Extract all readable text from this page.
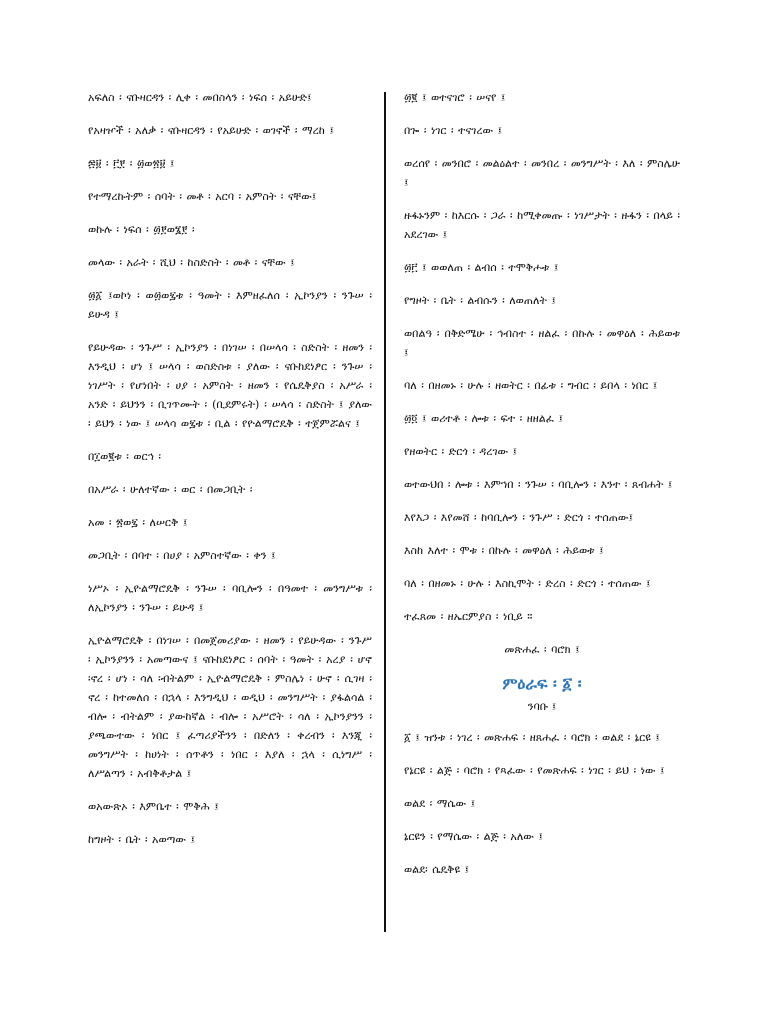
አፍለስ ፡ ናቡዛርዳን ፡ ሊቀ ፡ መበስላን ፡ ነፍሰ ፡ አይሁድ፤

የአዛዦች ፡ አለቃ ፡ ናቡዛርዳን ፡ የአይሁድ ፡ ወገኖች ፡ ማረከ ፤

፷፱ ፡ ፫፻ ፡ ፴ወ፳፱ ፤

የተማረኩትም ፡ ሰባት ፡ መቶ ፡ አርባ ፡ አምስት ፡ ናቸው፤

ወኩሉ ፡ ነፍሰ ፡ ፴፻ወ፮፻ ፡

መላው ፡ አራት ፡ ሺህ ፡ ከስድስት ፡ መቶ ፡ ናቸው ፤

፴፩ ፤ወኮነ ፡ ወ፴ወ፯ቱ ፡ ዓመት ፡ እምዘፈለሰ ፡ ኢኮንያን ፡ ንጉሠ ፡ ይሁዳ ፤

የይሁዳው ፡ ንጉሥ ፡ ኢኮንያን ፡ በነገሠ ፡ በሠላሳ ፡ ስድስት ፡ ዘመን ፡ እንዲህ ፡ ሆነ ፤ ሠላሳ ፡ ወስድስቱ ፡ ያለው ፡ ናቡከደነፆር ፡ ንጉሠ ፡ ነገሥት ፡ የሆነበት ፡ ሀያ ፡ አምስት ፡ ዘመን ፡ የሴዴቅያስ ፡ አሥራ ፡ አንድ ፡ ይህንን ፡ ቢገጥሙት ፡ (ቢደምሩት) ፡ ሠላሳ ፡ ስድስት ፤ ያለው ፡ ይህን ፡ ነው ፤ ሠላሳ ወ፯ቱ ፡ ቢል ፡ የዮልማሮዴቅ ፡ ተጀምሯልና ፤

በ፲ወ፪ቱ ፡ ወርኅ ፡

በአሥራ ፡ ሁለተኛው ፡ ወር ፡ በመጋቢት ፡

አመ ፡ ፳ወ፯ ፡ ለሠርቅ ፤

መጋቢት ፡ በባተ ፡ በሀያ ፡ አምስተኛው ፡ ቀን ፤

ነሥኦ ፡ ኢዮልማሮዴቅ ፡ ንጉሠ ፡ ባቢሎን ፡ በዓመተ ፡ መንግሥቱ ፡ ለኢኮንያን ፡ ንጉሠ ፡ ይሁዳ ፤

ኢዮልማሮዴቅ ፡ በነገሠ ፡ በመጀመሪያው ፡ ዘመን ፡ የይሁዳው ፡ ንጉሥ ፡ ኢኮንያንን ፡ አመጣውና ፤ ናቡከደነፆር ፡ ሰባት ፡ ዓመት ፡ አረያ ፡ ሆኖ ፡ኖረ ፡ ሆነ ፡ ሳለ ፡ብትልም ፡ ኢዮልማሮዴቅ ፡ ምስሌነ ፡ ሁኖ ፡ ሲገዛ ፡ ኖረ ፡ ከተመለሰ ፡ በኋላ ፡ እንግዲህ ፡ ወዲህ ፡ መንግሥት ፡ ያፋልሳል ፡ብሎ ፡ ብትልም ፡ ያውከኛል ፡ ብሎ ፡ አሥሮት ፡ ሳለ ፡ ኢኮንያንን ፡ ያጫውተው ፡ ነበር ፤ ፈጣሪያችንን ፡ በድለን ፡ ቀረብን ፡ እንጂ ፡ መንግሥት ፡ ከሀነት ፡ ሰጥቶን ፡ ነበር ፡ እያለ ፡ ኋላ ፡ ሲነግሥ ፡ ለሥልጣን ፡ አብቅቶታል ፤

ወአውጽኦ ፡ እምቤተ ፡ ሞቅሕ ፤

ከግዞት ፡ ቤት ፡ አወጣው ፤

፴፪ ፤ ወተናገሮ ፡ ሠናየ ፤

በጐ ፡ ነገር ፡ ተናገረው ፤

ወረሰየ ፡ መንበሮ ፡ መልዕልተ ፡ መንበረ ፡ መንግሥት ፡ እለ ፡ ምስሌሁ ፤

ዙፋኑንም ፡ ከእርሱ ፡ ጋራ ፡ ከሚቀመጡ ፡ ነገሥታት ፡ ዙፋን ፡ በላይ ፡ አደረገው ፤

፴፫ ፤ ወወለጠ ፡ ልብሰ ፡ ተሞቅሖቱ ፤

የግዞት ፡ ቤት ፡ ልብሱን ፡ ለወጠለት ፤

ወበልዓ ፡ በቅድሜሁ ፡ ኅብስተ ፡ ዘልፈ ፡ በኩሉ ፡ መዋዕለ ፡ ሕይወቱ ፤

ባለ ፡ በዘመኑ ፡ ሁሉ ፡ ዘወትር ፡ በፊቱ ፡ ግብር ፡ ይበላ ፡ ነበር ፤

፴፬ ፤ ወሪተቶ ፡ ሎቱ ፡ ፍተ ፡ ዘዘልፈ ፤

የዘወትር ፡ ድርጎ ፡ ዳረገው ፤

ወተውህበ ፡ ሎቱ ፡ እምኀበ ፡ ንጉሠ ፡ ባቢሎን ፡ እንተ ፡ ጸብሐት ፤

እየእጋ ፡ እየመሸ ፡ ከባቢሎን ፡ ንጉሥ ፡ ድርጎ ፡ ተሰጠው፤

እስከ እለተ ፡ ሞቱ ፡ በኩሉ ፡ መዋዕለ ፡ ሕይወቱ ፤

ባለ ፡ በዘመኑ ፡ ሁሉ ፡ እስኪሞት ፡ ድረስ ፡ ድርጎ ፡ ተሰጠው ፤

ተፈጸመ ፡ ዘኤርምያስ ፡ ነቢይ ።

መጽሐፈ ፡ ባሮክ ፤

ምዕራፍ ፡ ፩ ፡
ንባቡ ፤

፩ ፤ ዝንቱ ፡ ነገረ ፡ መጽሐፍ ፡ ዘጸሐፈ ፡ ባሮክ ፡ ወልደ ፡ ኔርዩ ፤

የኔርዩ ፡ ልጅ ፡ ባሮክ ፡ የጻፈው ፡ የመጽሐፍ ፡ ነገር ፡ ይህ ፡ ነው ፤

ወልደ ፡ ማሴው ፤

ኔርዩን ፡ የማሴው ፡ ልጅ ፡ አለው ፤

ወልደ፡ ሴዴቅዩ ፤
